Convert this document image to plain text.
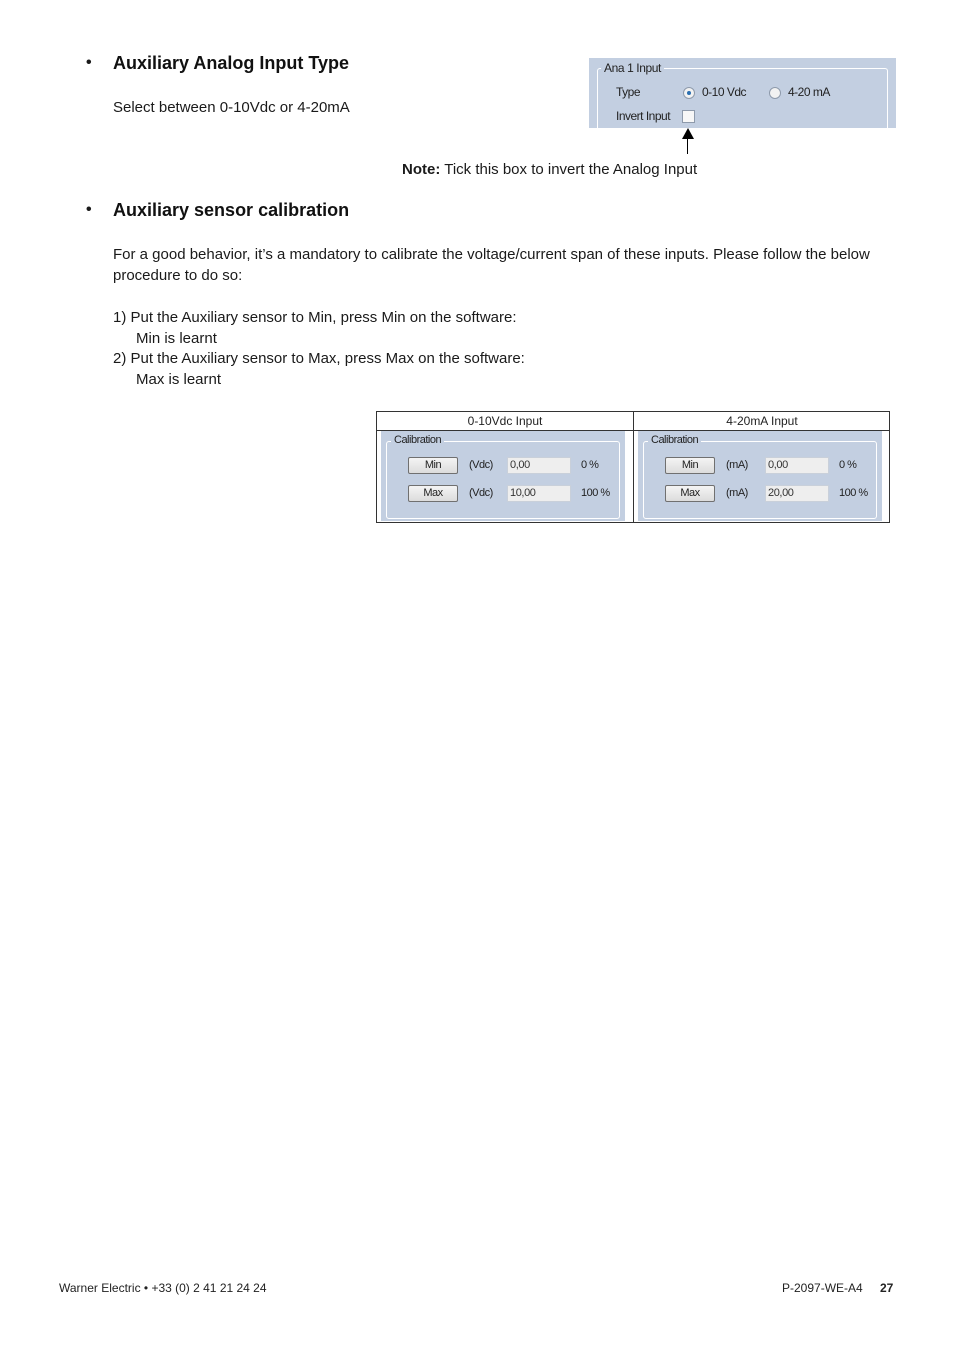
• Auxiliary Analog Input Type
Select between 0-10Vdc or 4-20mA
Ana 1 Input
Type	0-10 Vdc	4-20 mA
Invert Input
Note: Tick this box to invert the Analog Input
• Auxiliary sensor calibration
For a good behavior, it’s a mandatory to calibrate the voltage/current span of these inputs. Please follow the below procedure to do so:
1) Put the Auxiliary sensor to Min, press Min on the software:
Min is learnt
2) Put the Auxiliary sensor to Max, press Max on the software:
Max is learnt
0-10Vdc Input
Calibration
Min	(Vdc) 0,00	0 %
Max	(Vdc) 10,00	100 %
4-20mA Input
Calibration
Min	(mA) 0,00	0 %
Max	(mA) 20,00	100 %
Warner Electric • +33 (0) 2 41 21 24 24	P-2097-WE-A4 27
